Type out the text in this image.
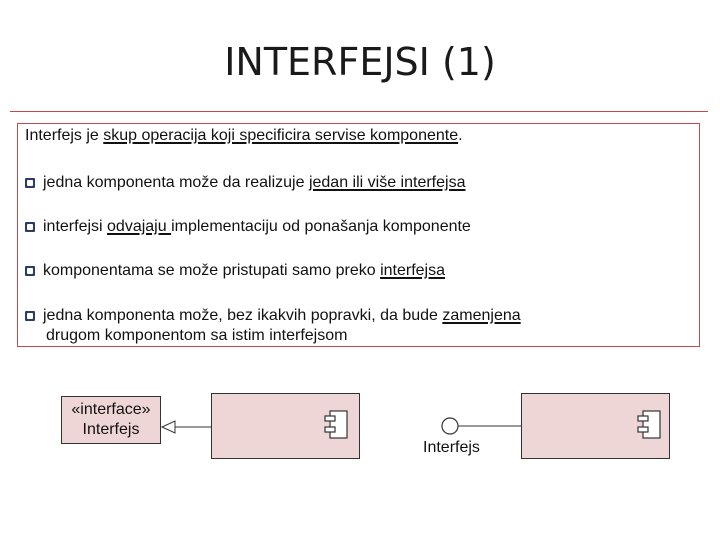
INTERFEJSI (1)
Interfejs je skup operacija koji specificira servise komponente.
jedna komponenta može da realizuje jedan ili više interfejsa
interfejsi odvajaju implementaciju od ponašanja komponente
komponentama se može pristupati samo preko interfejsa
jedna komponenta može, bez ikakvih popravki, da bude zamenjena
drugom komponentom sa istim interfejsom
«interface»
Interfejs
Interfejs
